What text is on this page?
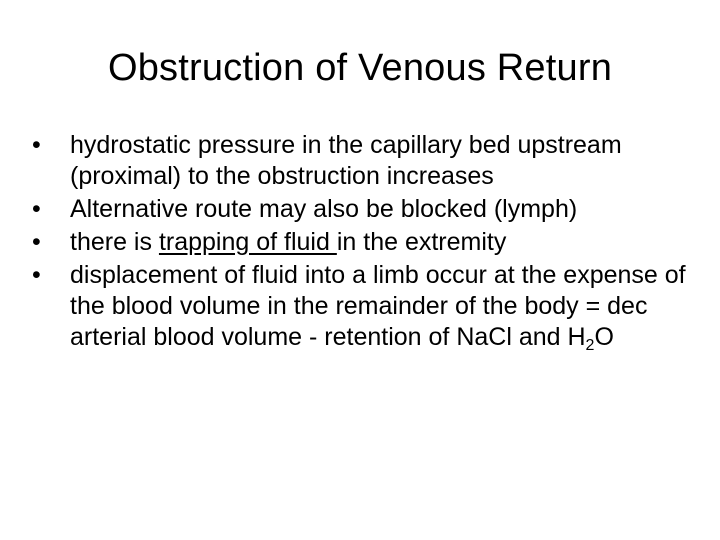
Obstruction of Venous Return
•	hydrostatic pressure in the capillary bed upstream (proximal) to the obstruction increases
•	Alternative route may also be blocked (lymph)
•	there is trapping of fluid in the extremity
•	displacement of fluid into a limb occur at the expense of the blood volume in the remainder of the body = dec arterial blood volume - retention of NaCl and $H_2O$
